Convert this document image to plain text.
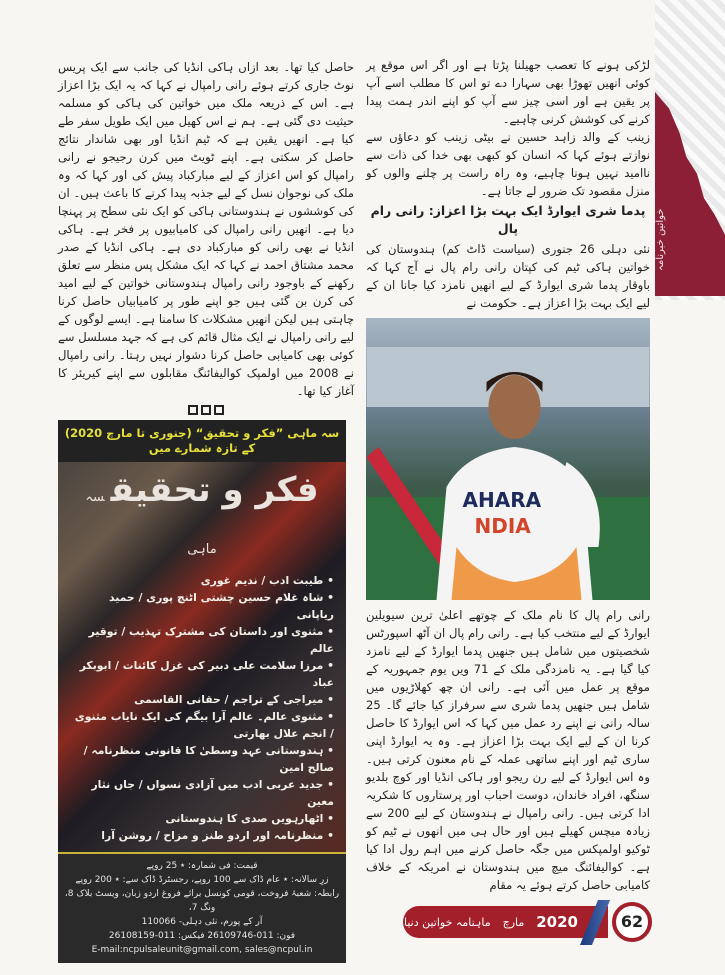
خواتین خبرنامہ

لڑکی ہونے کا تعصب جھیلنا پڑتا ہے اور اگر اس موقع پر کوئی انھیں تھوڑا بھی سہارا دے تو اس کا مطلب اسے آپ پر یقین ہے اور اسی چیز سے آپ کو اپنے اندر ہمت پیدا کرنے کی کوشش کرنی چاہیے۔

زینب کے والد زاہد حسین نے بیٹی زینب کو دعاؤں سے نوازتے ہوئے کہا کہ انسان کو کبھی بھی خدا کی ذات سے ناامید نہیں ہونا چاہیے، وہ راہ راست پر چلنے والوں کو منزل مقصود تک ضرور لے جاتا ہے۔

پدما شری ایوارڈ ایک بہت بڑا اعزاز: رانی رام پال

نئی دہلی 26 جنوری (سیاست ڈاٹ کم) ہندوستان کی خواتین ہاکی ٹیم کی کپتان رانی رام پال نے آج کہا کہ باوقار پدما شری ایوارڈ کے لیے انھیں نامزد کیا جانا ان کے لیے ایک بہت بڑا اعزاز ہے۔ حکومت نے

AHARA
NDIA

رانی رام پال کا نام ملک کے چوتھے اعلیٰ ترین سیویلین ایوارڈ کے لیے منتخب کیا ہے۔ رانی رام پال ان آٹھ اسپورٹس شخصیتوں میں شامل ہیں جنھیں پدما ایوارڈ کے لیے نامزد کیا گیا ہے۔ یہ نامزدگی ملک کے 71 ویں یوم جمہوریہ کے موقع پر عمل میں آئی ہے۔ رانی ان چھ کھلاڑیوں میں شامل ہیں جنھیں پدما شری سے سرفراز کیا جائے گا۔ 25 سالہ رانی نے اپنے رد عمل میں کہا کہ اس ایوارڈ کا حاصل کرنا ان کے لیے ایک بہت بڑا اعزاز ہے۔ وہ یہ ایوارڈ اپنی ساری ٹیم اور اپنے ساتھی عملہ کے نام معنون کرتی ہیں۔ وہ اس ایوارڈ کے لیے رن ریجو اور ہاکی انڈیا اور کوچ بلدیو سنگھ، افراد خاندان، دوست احباب اور پرستاروں کا شکریہ ادا کرتی ہیں۔ رانی رامپال نے ہندوستان کے لیے 200 سے زیادہ میچس کھیلے ہیں اور حال ہی میں انھوں نے ٹیم کو ٹوکیو اولمپکس میں جگہ حاصل کرنے میں اہم رول ادا کیا ہے۔ کوالیفائنگ میچ میں ہندوستان نے امریکہ کے خلاف کامیابی حاصل کرتے ہوئے یہ مقام

حاصل کیا تھا۔ بعد ازاں ہاکی انڈیا کی جانب سے ایک پریس نوٹ جاری کرتے ہوئے رانی رامپال نے کہا کہ یہ ایک بڑا اعزاز ہے۔ اس کے ذریعہ ملک میں خواتین کی ہاکی کو مسلمہ حیثیت دی گئی ہے۔ ہم نے اس کھیل میں ایک طویل سفر طے کیا ہے۔ انھیں یقین ہے کہ ٹیم انڈیا اور بھی شاندار نتائج حاصل کر سکتی ہے۔ اپنے ٹویٹ میں کرن رجیجو نے رانی رامپال کو اس اعزاز کے لیے مبارکباد پیش کی اور کہا کہ وہ ملک کی نوجوان نسل کے لیے جذبہ پیدا کرنے کا باعث ہیں۔ ان کی کوششوں نے ہندوستانی ہاکی کو ایک نئی سطح پر پہنچا دیا ہے۔ انھیں رانی رامپال کی کامیابیوں پر فخر ہے۔ ہاکی انڈیا نے بھی رانی کو مبارکباد دی ہے۔ ہاکی انڈیا کے صدر محمد مشتاق احمد نے کہا کہ ایک مشکل پس منظر سے تعلق رکھنے کے باوجود رانی رامپال ہندوستانی خواتین کے لیے امید کی کرن بن گئی ہیں جو اپنے طور پر کامیابیاں حاصل کرنا چاہتی ہیں لیکن انھیں مشکلات کا سامنا ہے۔ ایسے لوگوں کے لیے رانی رامپال نے ایک مثال قائم کی ہے کہ جہد مسلسل سے کوئی بھی کامیابی حاصل کرنا دشوار نہیں رہتا۔ رانی رامپال نے 2008 میں اولمپک کوالیفائنگ مقابلوں سے اپنے کیریئر کا آغاز کیا تھا۔

سہ ماہی ”فکر و تحقیق“ (جنوری تا مارچ 2020) کے تازہ شمارے میں
فکر و تحقیقسہ ماہی
• طیبت ادب / ندیم غوری
• شاہ غلام حسین چشتی اٹنچ پوری / حمید ریاپانی
• مثنوی اور داستان کی مشترک تہذیب / توقیر عالم
• مرزا سلامت علی دبیر کی غزل کائنات / ابوبکر عباد
• میراجی کے تراجم / حقانی القاسمی
• مثنوی عالم۔ عالم آرا بیگم کی ایک نایاب مثنوی / انجم علال بھارتی
• ہندوستانی عہد وسطیٰ کا قانونی منظرنامہ / صالح امین
• جدید عربی ادب میں آزادی نسواں / جاں نثار معین
• اٹھارہویں صدی کا ہندوستانی
• منظرنامہ اور اردو طنز و مزاح / روشن آرا
قیمت: فی شمارہ: ٭ 25 روپے
زرِ سالانہ: ٭ عام ڈاک سے 100 روپے، رجسٹرڈ ڈاک سے: ٭ 200 روپے
رابطہ: شعبۂ فروخت، قومی کونسل برائے فروغ اردو زبان، ویسٹ بلاک 8، ونگ 7،
آر کے پورم، نئی دہلی- 110066
فون: 011-26109746 فیکس: 011-26108159
E-mail:ncpulsaleunit@gmail.com, sales@ncpul.in
ماہنامہ خواتین دنیا مارچ 2020	62
